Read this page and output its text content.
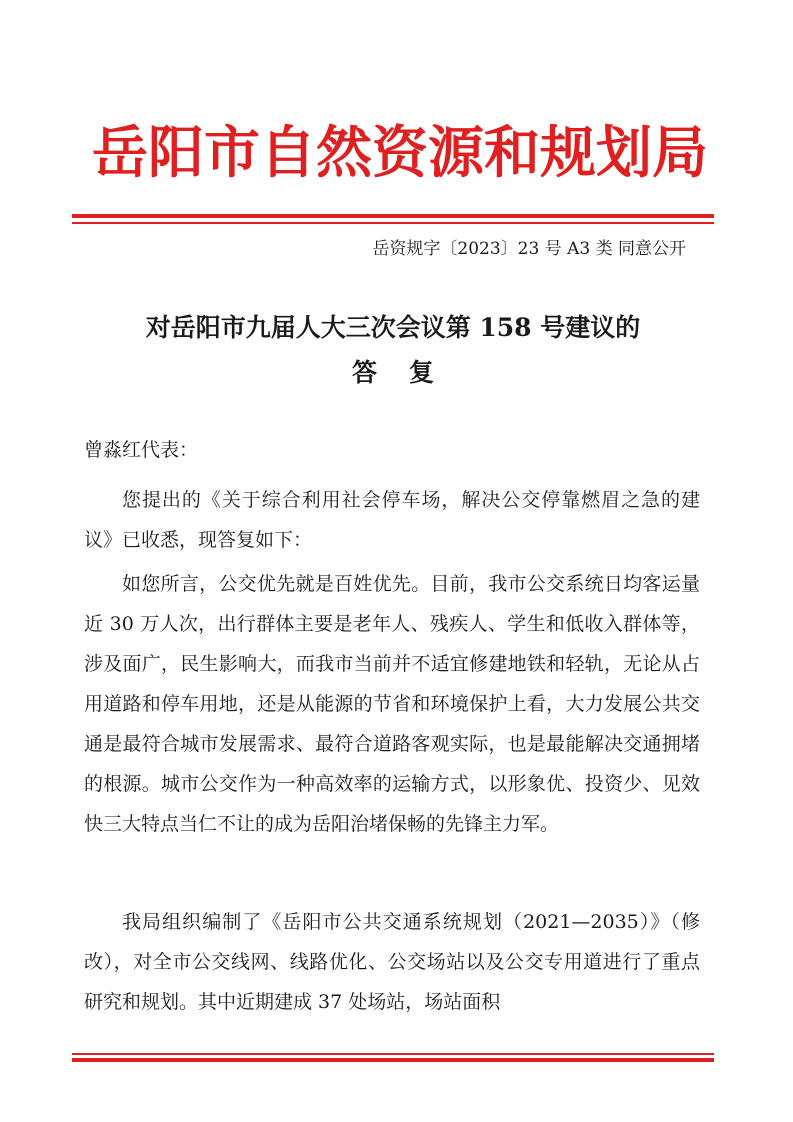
岳阳市自然资源和规划局
岳资规字〔2023〕23 号 A3 类 同意公开
对岳阳市九届人大三次会议第 158 号建议的
答复
曾淼红代表：

您提出的《关于综合利用社会停车场，解决公交停靠燃眉之急的建议》已收悉，现答复如下：

如您所言，公交优先就是百姓优先。目前，我市公交系统日均客运量近 30 万人次，出行群体主要是老年人、残疾人、学生和低收入群体等，涉及面广，民生影响大，而我市当前并不适宜修建地铁和轻轨，无论从占用道路和停车用地，还是从能源的节省和环境保护上看，大力发展公共交通是最符合城市发展需求、最符合道路客观实际，也是最能解决交通拥堵的根源。城市公交作为一种高效率的运输方式，以形象优、投资少、见效快三大特点当仁不让的成为岳阳治堵保畅的先锋主力军。

我局组织编制了《岳阳市公共交通系统规划（2021—2035）》（修改），对全市公交线网、线路优化、公交场站以及公交专用道进行了重点研究和规划。其中近期建成 37 处场站，场站面积
